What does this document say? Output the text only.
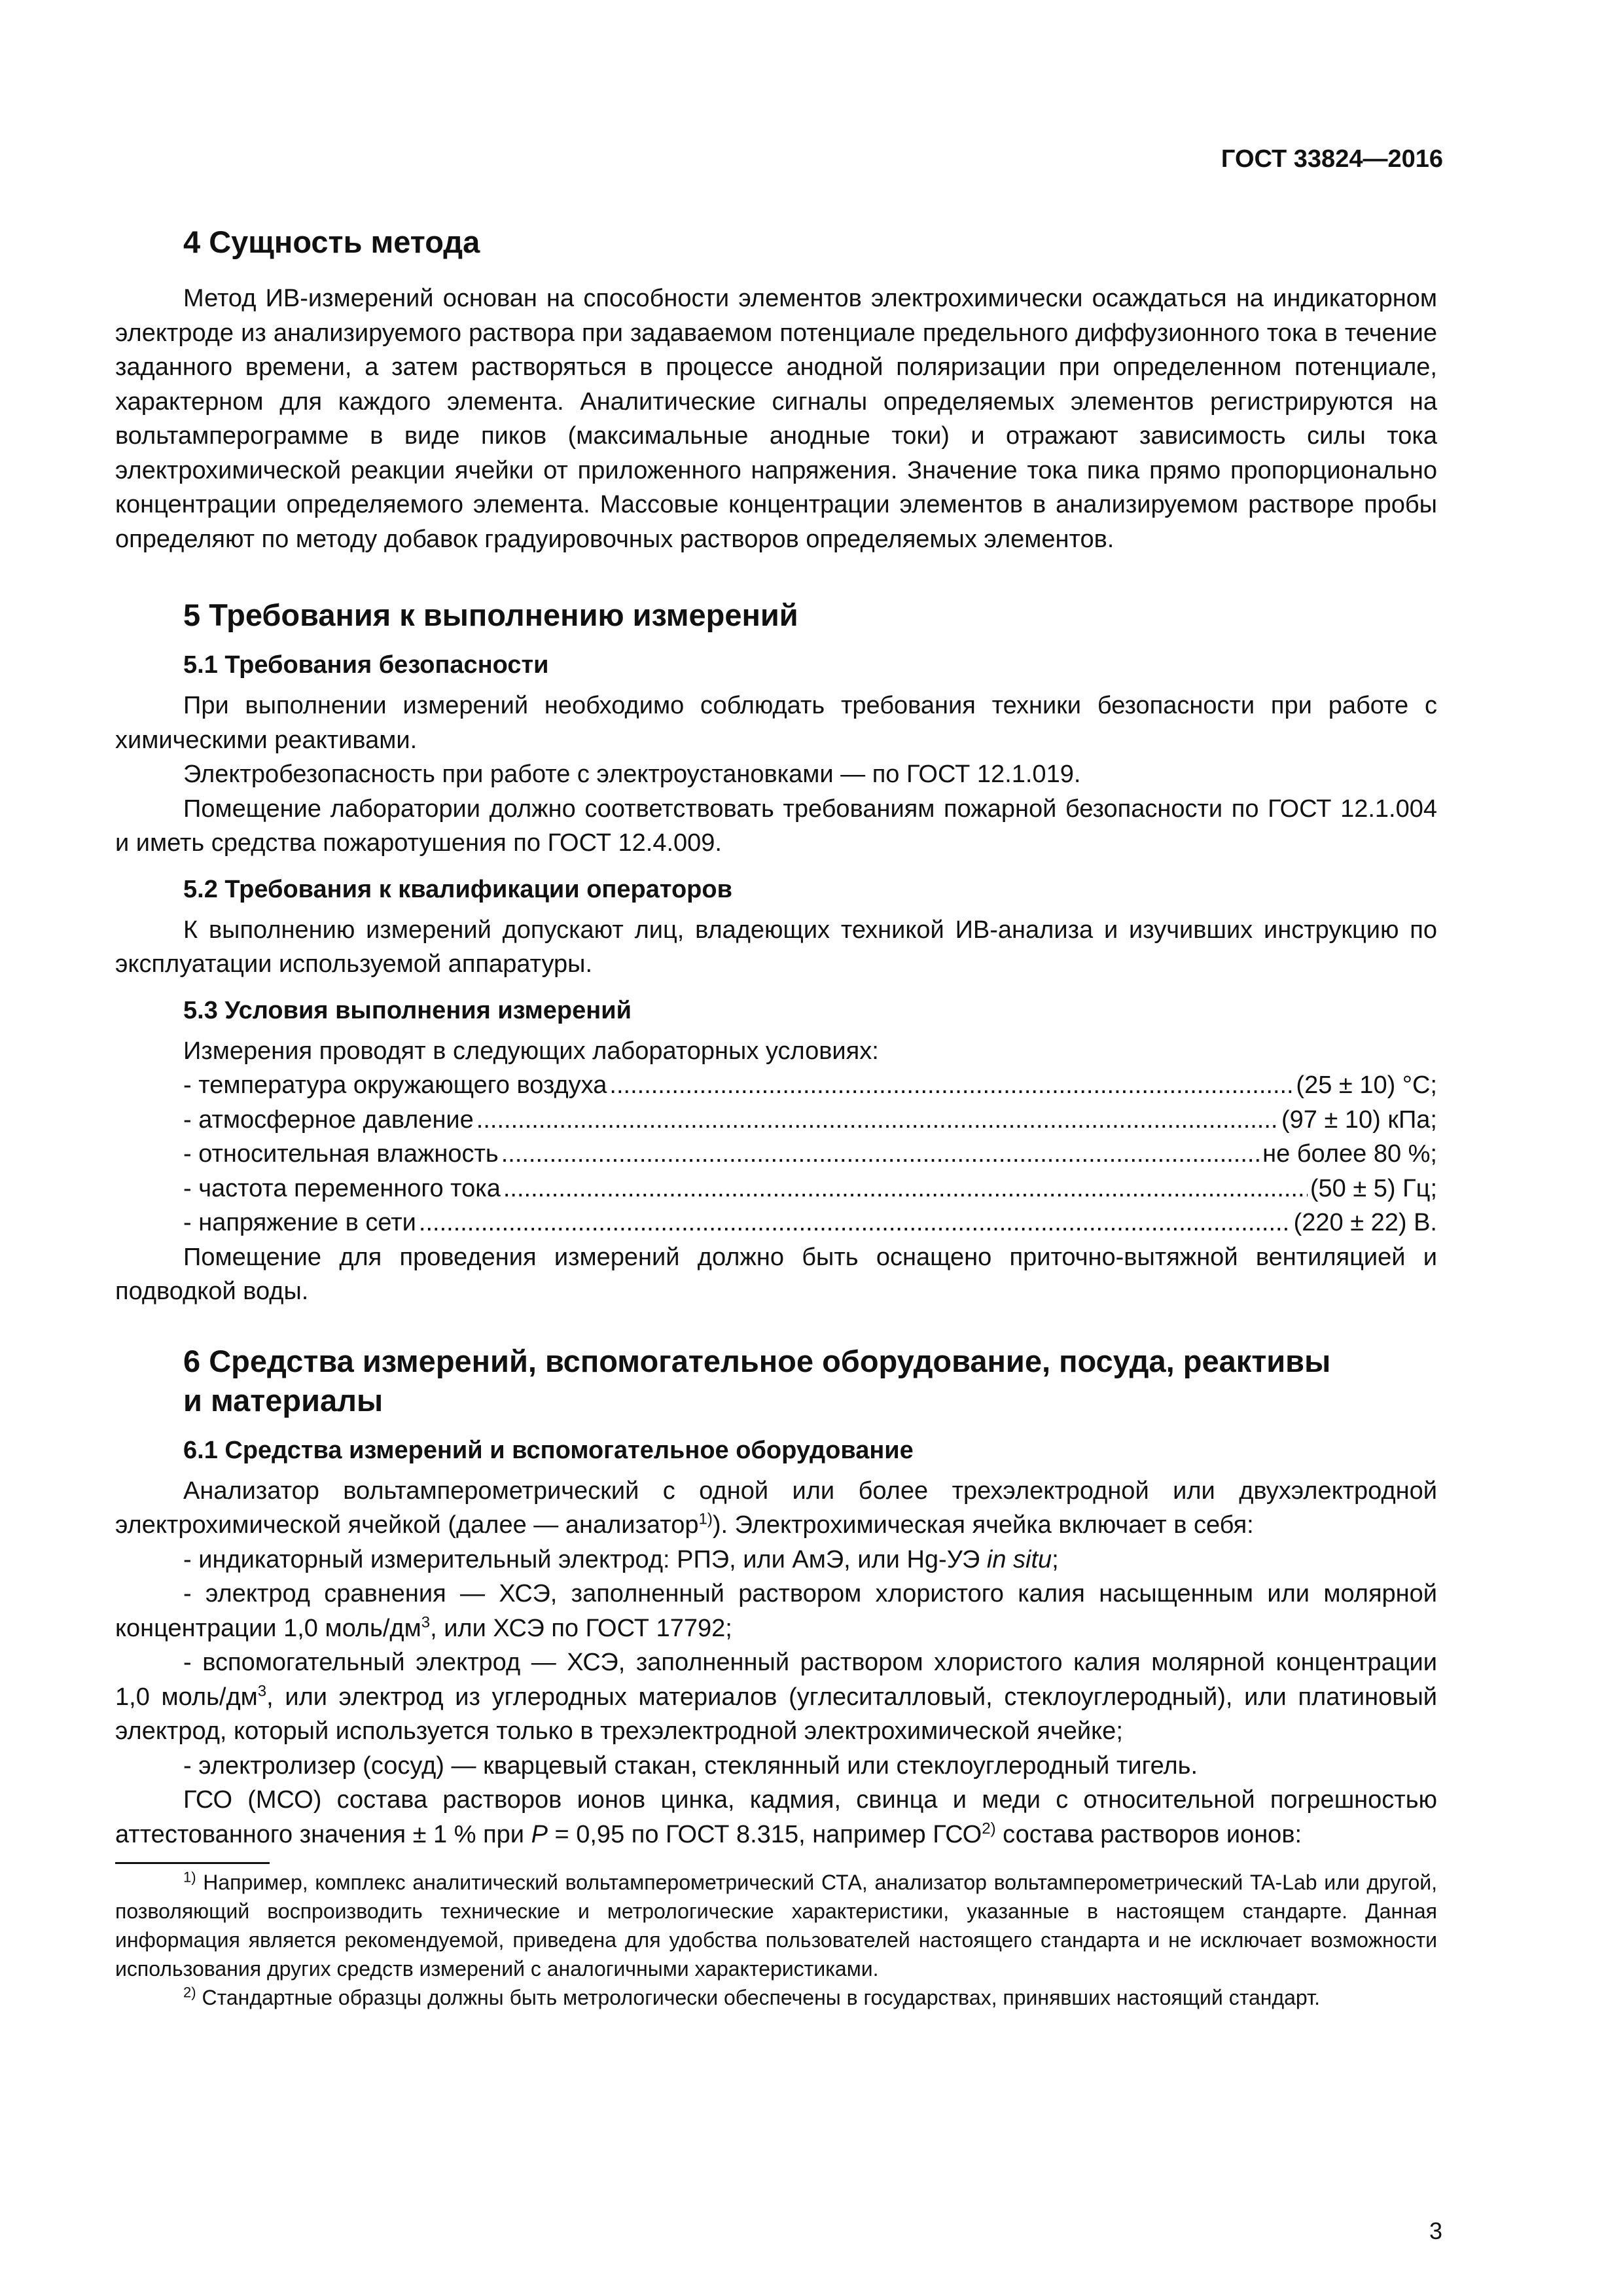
ГОСТ 33824—2016
4 Сущность метода

Метод ИВ-измерений основан на способности элементов электрохимически осаждаться на индикаторном электроде из анализируемого раствора при задаваемом потенциале предельного диффузионного тока в течение заданного времени, а затем растворяться в процессе анодной поляризации при определенном потенциале, характерном для каждого элемента. Аналитические сигналы определяемых элементов регистрируются на вольтамперограмме в виде пиков (максимальные анодные токи) и отражают зависимость силы тока электрохимической реакции ячейки от приложенного напряжения. Значение тока пика прямо пропорционально концентрации определяемого элемента. Массовые концентрации элементов в анализируемом растворе пробы определяют по методу добавок градуировочных растворов определяемых элементов.

5 Требования к выполнению измерений
5.1 Требования безопасности

При выполнении измерений необходимо соблюдать требования техники безопасности при работе с химическими реактивами.

Электробезопасность при работе с электроустановками — по ГОСТ 12.1.019.

Помещение лаборатории должно соответствовать требованиям пожарной безопасности по ГОСТ 12.1.004 и иметь средства пожаротушения по ГОСТ 12.4.009.

5.2 Требования к квалификации операторов

К выполнению измерений допускают лиц, владеющих техникой ИВ-анализа и изучивших инструкцию по эксплуатации используемой аппаратуры.

5.3 Условия выполнения измерений

Измерения проводят в следующих лабораторных условиях:

- температура окружающего воздуха .....	(25 ± 10) °С;
- атмосферное давление .....	(97 ± 10) кПа;
- относительная влажность .....	не более 80 %;
- частота переменного тока .....	(50 ± 5) Гц;
- напряжение в сети .....	(220 ± 22) В.

Помещение для проведения измерений должно быть оснащено приточно-вытяжной вентиляцией и подводкой воды.

6 Средства измерений, вспомогательное оборудование, посуда, реактивы
и материалы
6.1 Средства измерений и вспомогательное оборудование

Анализатор вольтамперометрический с одной или более трехэлектродной или двухэлектродной электрохимической ячейкой (далее — анализатор$^{1)}$). Электрохимическая ячейка включает в себя:

- индикаторный измерительный электрод: РПЭ, или АмЭ, или Hg-УЭ in situ;

- электрод сравнения — ХСЭ, заполненный раствором хлористого калия насыщенным или молярной концентрации 1,0 моль/$дм^3$, или ХСЭ по ГОСТ 17792;

- вспомогательный электрод — ХСЭ, заполненный раствором хлористого калия молярной концентрации 1,0 моль/$дм^3$, или электрод из углеродных материалов (углеситалловый, стеклоуглеродный), или платиновый электрод, который используется только в трехэлектродной электрохимической ячейке;

- электролизер (сосуд) — кварцевый стакан, стеклянный или стеклоуглеродный тигель.

ГСО (МСО) состава растворов ионов цинка, кадмия, свинца и меди с относительной погрешностью аттестованного значения ± 1 % при Р = 0,95 по ГОСТ 8.315, например ГСО$^{2)}$ состава растворов ионов:

$^{1)}$ Например, комплекс аналитический вольтамперометрический СТА, анализатор вольтамперометрический TA-Lab или другой, позволяющий воспроизводить технические и метрологические характеристики, указанные в настоящем стандарте. Данная информация является рекомендуемой, приведена для удобства пользователей настоящего стандарта и не исключает возможности использования других средств измерений с аналогичными характеристиками.

$^{2)}$ Стандартные образцы должны быть метрологически обеспечены в государствах, принявших настоящий стандарт.

3
